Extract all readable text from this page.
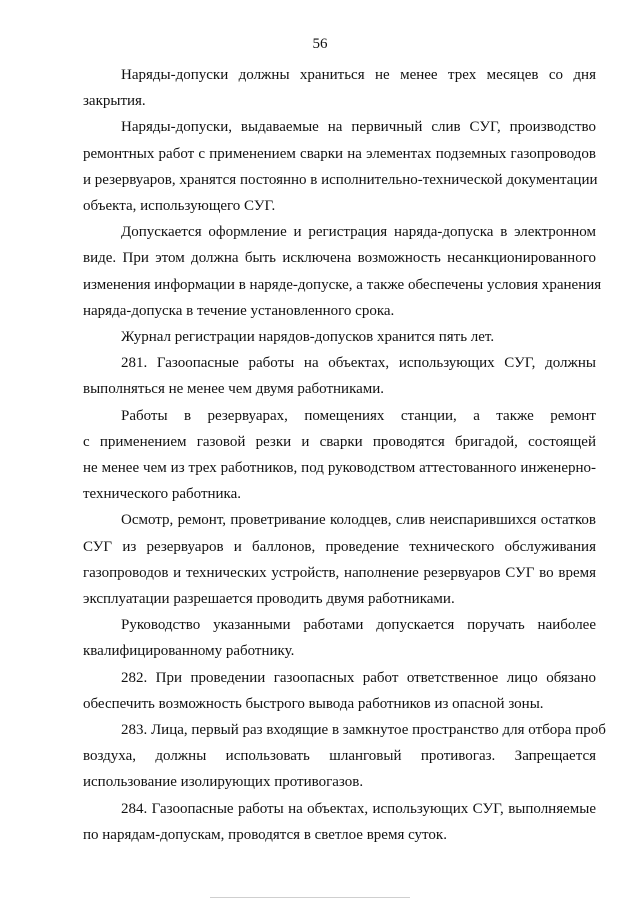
56

Наряды-допуски должны храниться не менее трех месяцев со дня

закрытия.

Наряды-допуски, выдаваемые на первичный слив СУГ, производство

ремонтных работ с применением сварки на элементах подземных газопроводов

и резервуаров, хранятся постоянно в исполнительно-технической документации

объекта, использующего СУГ.

Допускается оформление и регистрация наряда-допуска в электронном

виде. При этом должна быть исключена возможность несанкционированного

изменения информации в наряде-допуске, а также обеспечены условия хранения

наряда-допуска в течение установленного срока.

Журнал регистрации нарядов-допусков хранится пять лет.

281. Газоопасные работы на объектах, использующих СУГ, должны

выполняться не менее чем двумя работниками.

Работы в резервуарах, помещениях станции, а также ремонт

с применением газовой резки и сварки проводятся бригадой, состоящей

не менее чем из трех работников, под руководством аттестованного инженерно-

технического работника.

Осмотр, ремонт, проветривание колодцев, слив неиспарившихся остатков

СУГ из резервуаров и баллонов, проведение технического обслуживания

газопроводов и технических устройств, наполнение резервуаров СУГ во время

эксплуатации разрешается проводить двумя работниками.

Руководство указанными работами допускается поручать наиболее

квалифицированному работнику.

282. При проведении газоопасных работ ответственное лицо обязано

обеспечить возможность быстрого вывода работников из опасной зоны.

283. Лица, первый раз входящие в замкнутое пространство для отбора проб

воздуха, должны использовать шланговый противогаз. Запрещается

использование изолирующих противогазов.

284. Газоопасные работы на объектах, использующих СУГ, выполняемые

по нарядам-допускам, проводятся в светлое время суток.
